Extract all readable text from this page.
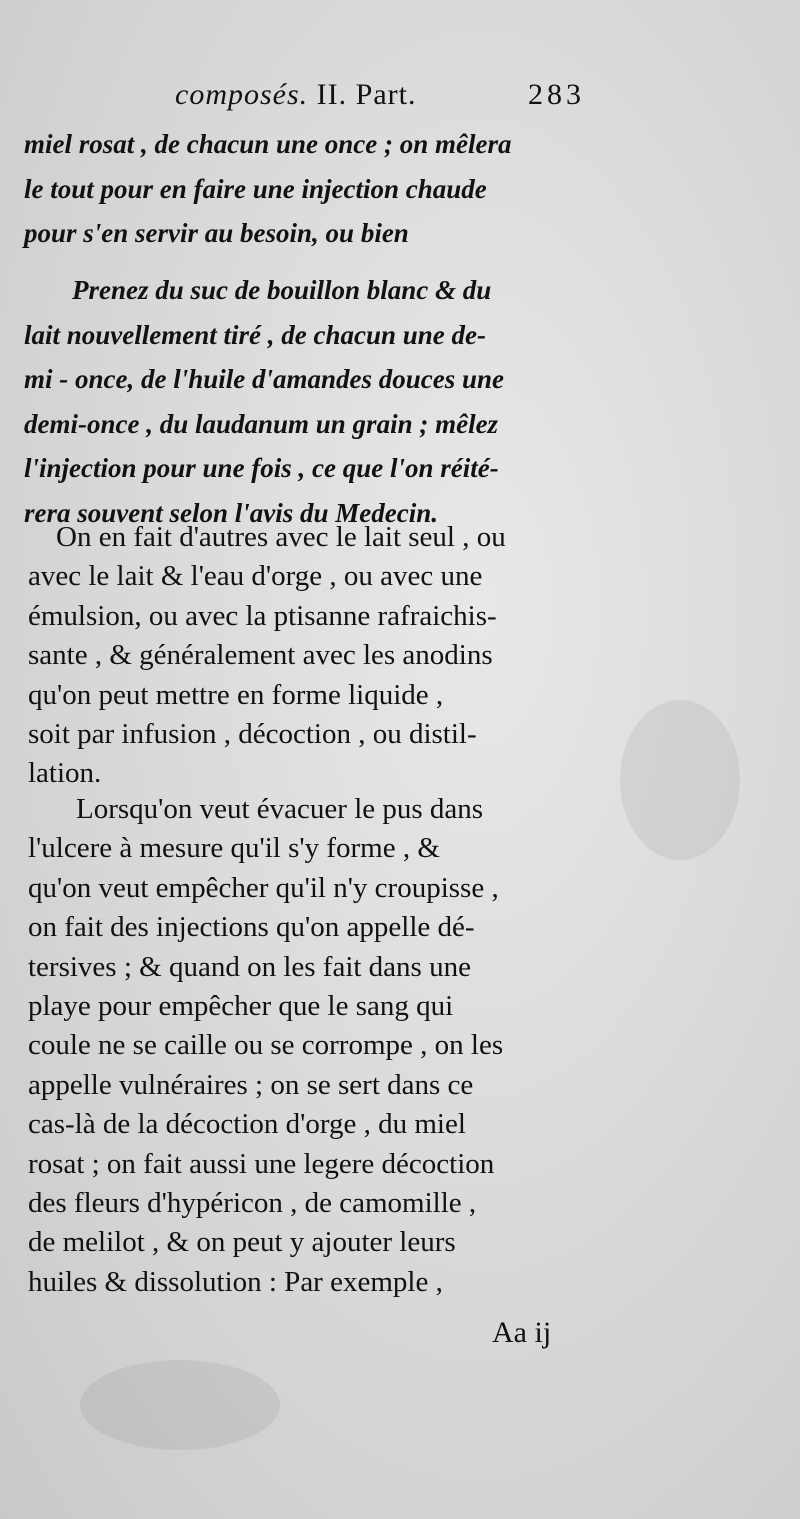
composés. II. Part.	283
miel rosat , de chacun une once ; on mêlera
le tout pour en faire une injection chaude
pour s'en servir au besoin, ou bien
Prenez du suc de bouillon blanc & du
lait nouvellement tiré , de chacun une de-
mi - once, de l'huile d'amandes douces une
demi-once , du laudanum un grain ; mêlez
l'injection pour une fois , ce que l'on réité-
rera souvent selon l'avis du Medecin.
On en fait d'autres avec le lait seul , ou
avec le lait & l'eau d'orge , ou avec une
émulsion, ou avec la ptisanne rafraichis-
sante , & généralement avec les anodins
qu'on peut mettre en forme liquide ,
soit par infusion , décoction , ou distil-
lation.
Lorsqu'on veut évacuer le pus dans
l'ulcere à mesure qu'il s'y forme , &
qu'on veut empêcher qu'il n'y croupisse ,
on fait des injections qu'on appelle dé-
tersives ; & quand on les fait dans une
playe pour empêcher que le sang qui
coule ne se caille ou se corrompe , on les
appelle vulnéraires ; on se sert dans ce
cas-là de la décoction d'orge , du miel
rosat ; on fait aussi une legere décoction
des fleurs d'hypéricon , de camomille ,
de melilot , & on peut y ajouter leurs
huiles & dissolution : Par exemple ,
Aa ij
